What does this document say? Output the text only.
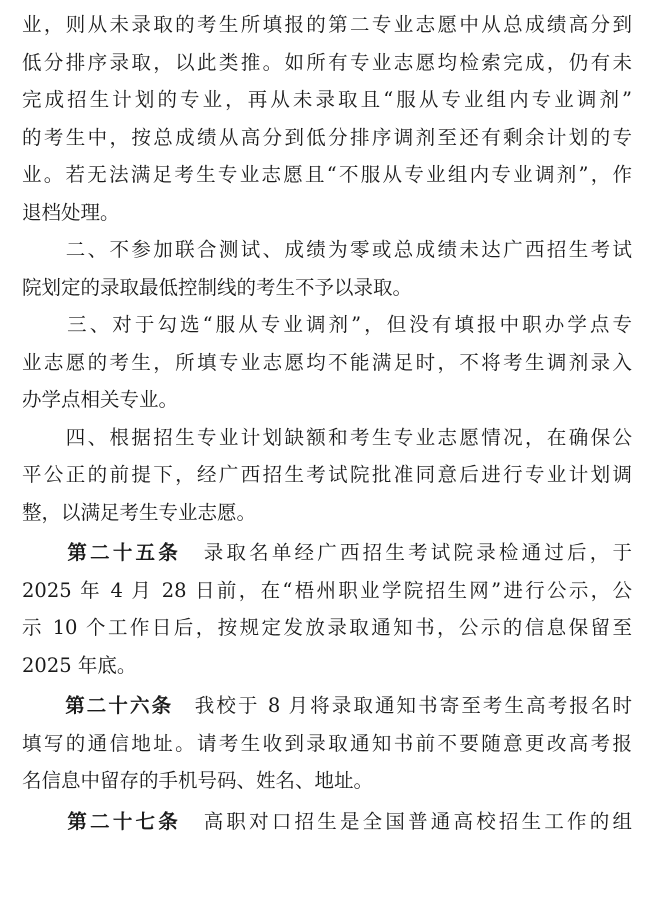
业，则从未录取的考生所填报的第二专业志愿中从总成绩高分到
低分排序录取，以此类推。如所有专业志愿均检索完成，仍有未
完成招生计划的专业，再从未录取且“服从专业组内专业调剂”
的考生中，按总成绩从高分到低分排序调剂至还有剩余计划的专
业。若无法满足考生专业志愿且“不服从专业组内专业调剂”，作
退档处理。
　　二、不参加联合测试、成绩为零或总成绩未达广西招生考试
院划定的录取最低控制线的考生不予以录取。
　　三、对于勾选“服从专业调剂”，但没有填报中职办学点专
业志愿的考生，所填专业志愿均不能满足时，不将考生调剂录入
办学点相关专业。
　　四、根据招生专业计划缺额和考生专业志愿情况，在确保公
平公正的前提下，经广西招生考试院批准同意后进行专业计划调
整，以满足考生专业志愿。
　　第二十五条　录取名单经广西招生考试院录检通过后，于
2025 年 4 月 28 日前，在“梧州职业学院招生网”进行公示，公
示 10 个工作日后，按规定发放录取通知书，公示的信息保留至
2025 年底。
　　第二十六条　我校于 8 月将录取通知书寄至考生高考报名时
填写的通信地址。请考生收到录取通知书前不要随意更改高考报
名信息中留存的手机号码、姓名、地址。
　　第二十七条　高职对口招生是全国普通高校招生工作的组
